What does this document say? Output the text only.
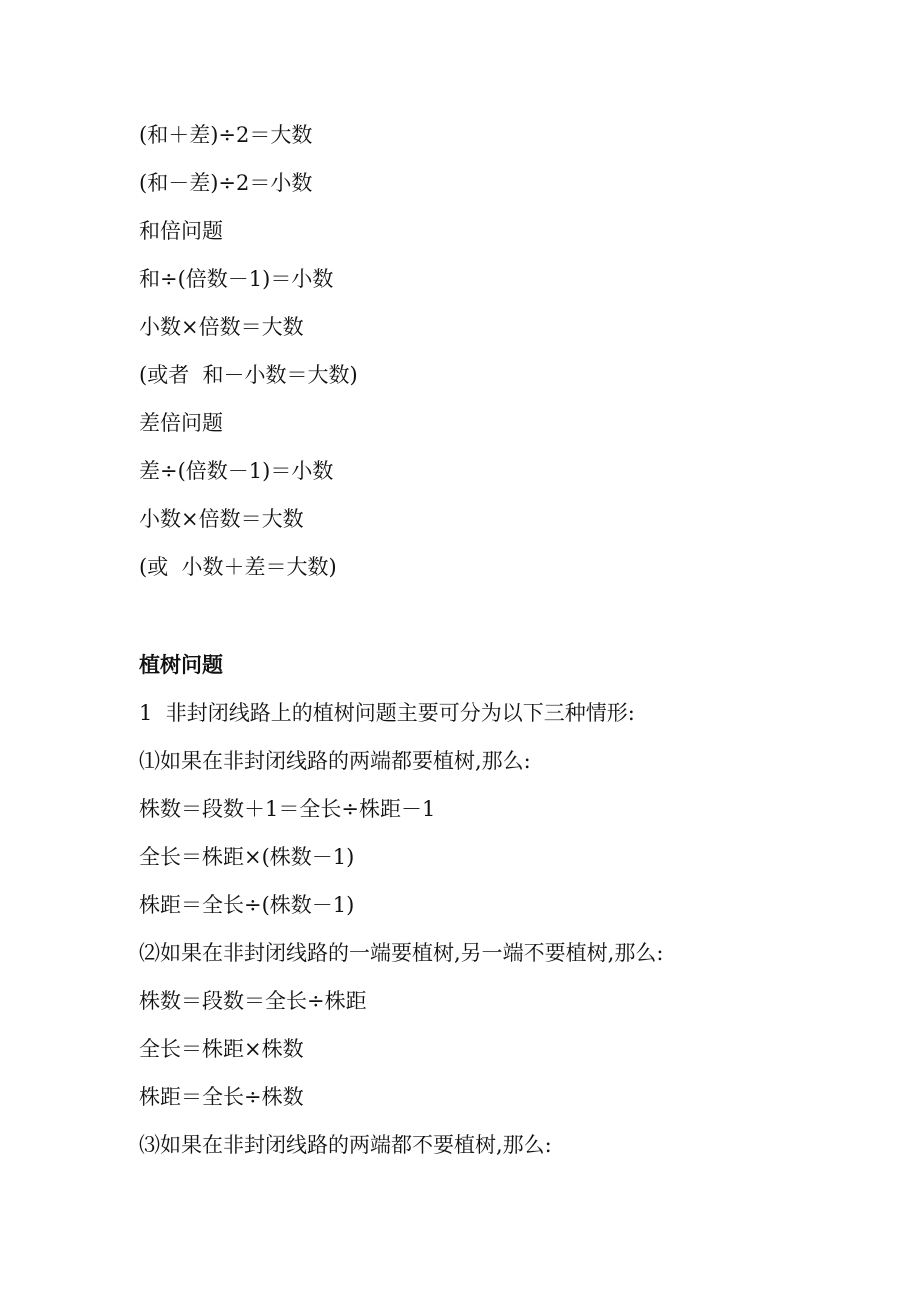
(和＋差)÷2＝大数
(和－差)÷2＝小数
和倍问题
和÷(倍数－1)＝小数
小数×倍数＝大数
(或者  和－小数＝大数)
差倍问题
差÷(倍数－1)＝小数
小数×倍数＝大数
(或  小数＋差＝大数)
植树问题
1  非封闭线路上的植树问题主要可分为以下三种情形:
⑴如果在非封闭线路的两端都要植树,那么:
株数＝段数＋1＝全长÷株距－1
全长＝株距×(株数－1)
株距＝全长÷(株数－1)
⑵如果在非封闭线路的一端要植树,另一端不要植树,那么:
株数＝段数＝全长÷株距
全长＝株距×株数
株距＝全长÷株数
⑶如果在非封闭线路的两端都不要植树,那么:
